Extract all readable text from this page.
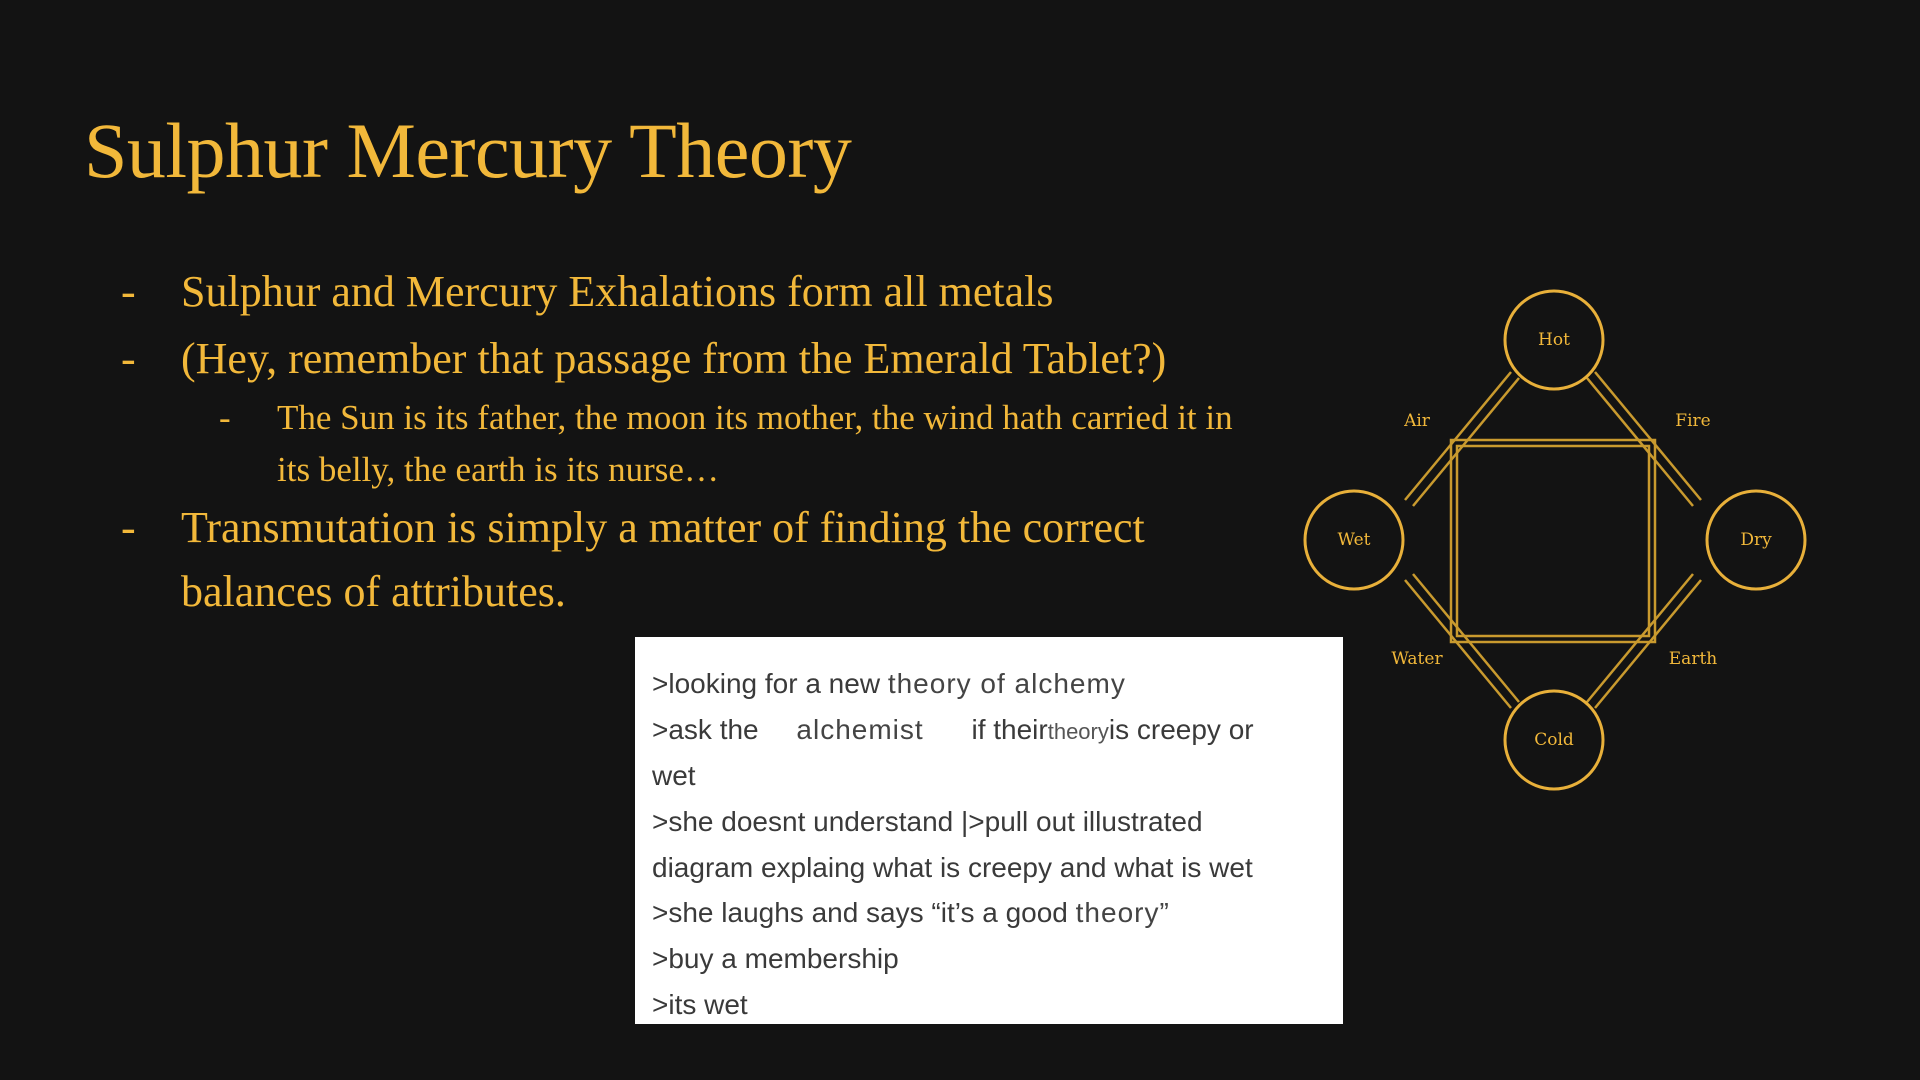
Sulphur Mercury Theory
- Sulphur and Mercury Exhalations form all metals
- (Hey, remember that passage from the Emerald Tablet?)
- The Sun is its father, the moon its mother, the wind hath carried it in
its belly, the earth is its nurse…
- Transmutation is simply a matter of finding the correct
balances of attributes.
>looking for a new theory of alchemy
>ask the alchemist if theirtheoryis creepy or
wet
>she doesnt understand |>pull out illustrated
diagram explaing what is creepy and what is wet
>she laughs and says “it’s a good theory”
>buy a membership
>its wet
Hot
Wet	Dry
Cold
Air	Fire
Water	Earth
